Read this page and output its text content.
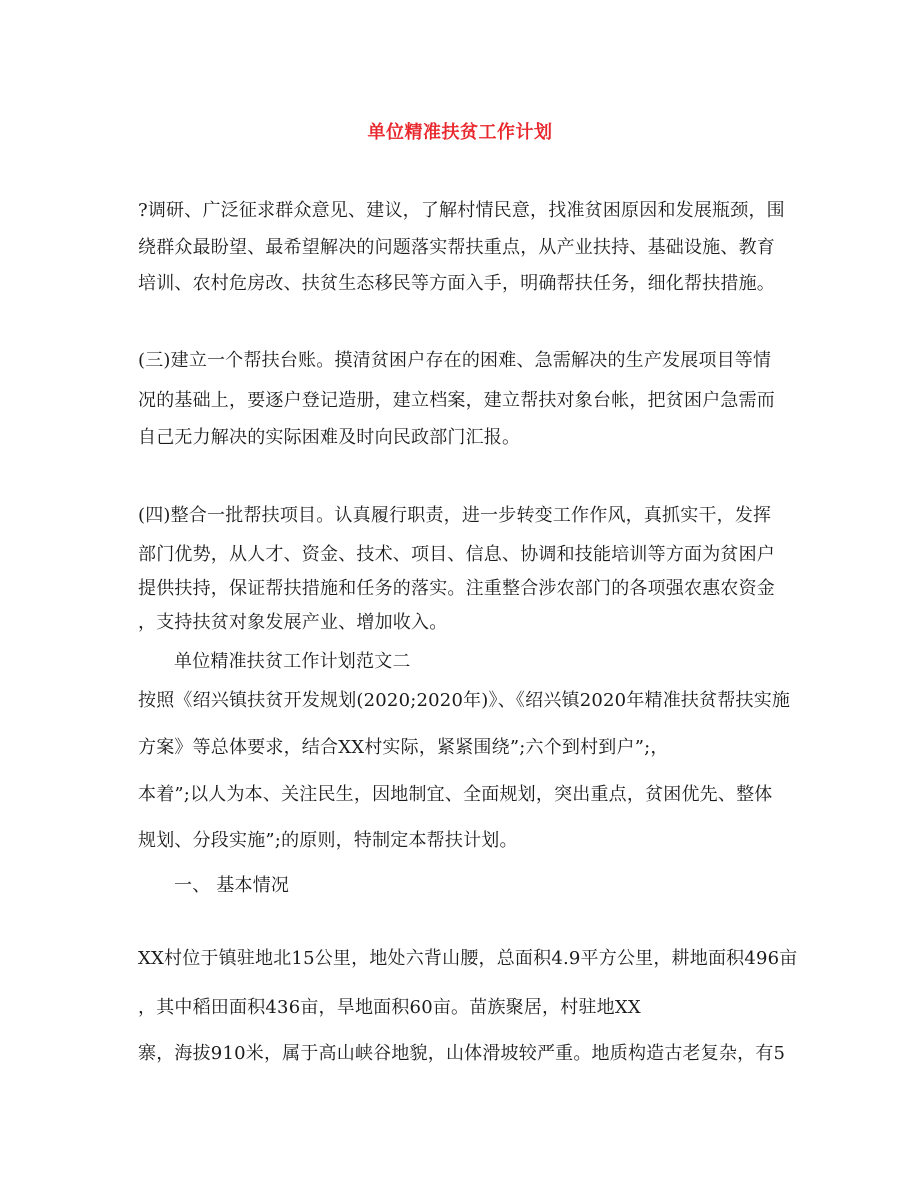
单位精准扶贫工作计划
?调研、广泛征求群众意见、建议，了解村情民意，找准贫困原因和发展瓶颈，围
绕群众最盼望、最希望解决的问题落实帮扶重点，从产业扶持、基础设施、教育
培训、农村危房改、扶贫生态移民等方面入手，明确帮扶任务，细化帮扶措施。
(三)建立一个帮扶台账。摸清贫困户存在的困难、急需解决的生产发展项目等情
况的基础上，要逐户登记造册，建立档案，建立帮扶对象台帐，把贫困户急需而
自己无力解决的实际困难及时向民政部门汇报。
(四)整合一批帮扶项目。认真履行职责，进一步转变工作作风，真抓实干，发挥
部门优势，从人才、资金、技术、项目、信息、协调和技能培训等方面为贫困户
提供扶持，保证帮扶措施和任务的落实。注重整合涉农部门的各项强农惠农资金
，支持扶贫对象发展产业、增加收入。
单位精准扶贫工作计划范文二
按照《绍兴镇扶贫开发规划(2020;2020年)》、《绍兴镇2020年精准扶贫帮扶实施
方案》等总体要求，结合XX村实际，紧紧围绕”;六个到村到户”;，
本着”;以人为本、关注民生，因地制宜、全面规划，突出重点，贫困优先、整体
规划、分段实施”;的原则，特制定本帮扶计划。
一、 基本情况
XX村位于镇驻地北15公里，地处六背山腰，总面积4.9平方公里，耕地面积496亩
，其中稻田面积436亩，旱地面积60亩。苗族聚居，村驻地XX
寨，海拔910米，属于高山峡谷地貌，山体滑坡较严重。地质构造古老复杂，有5
